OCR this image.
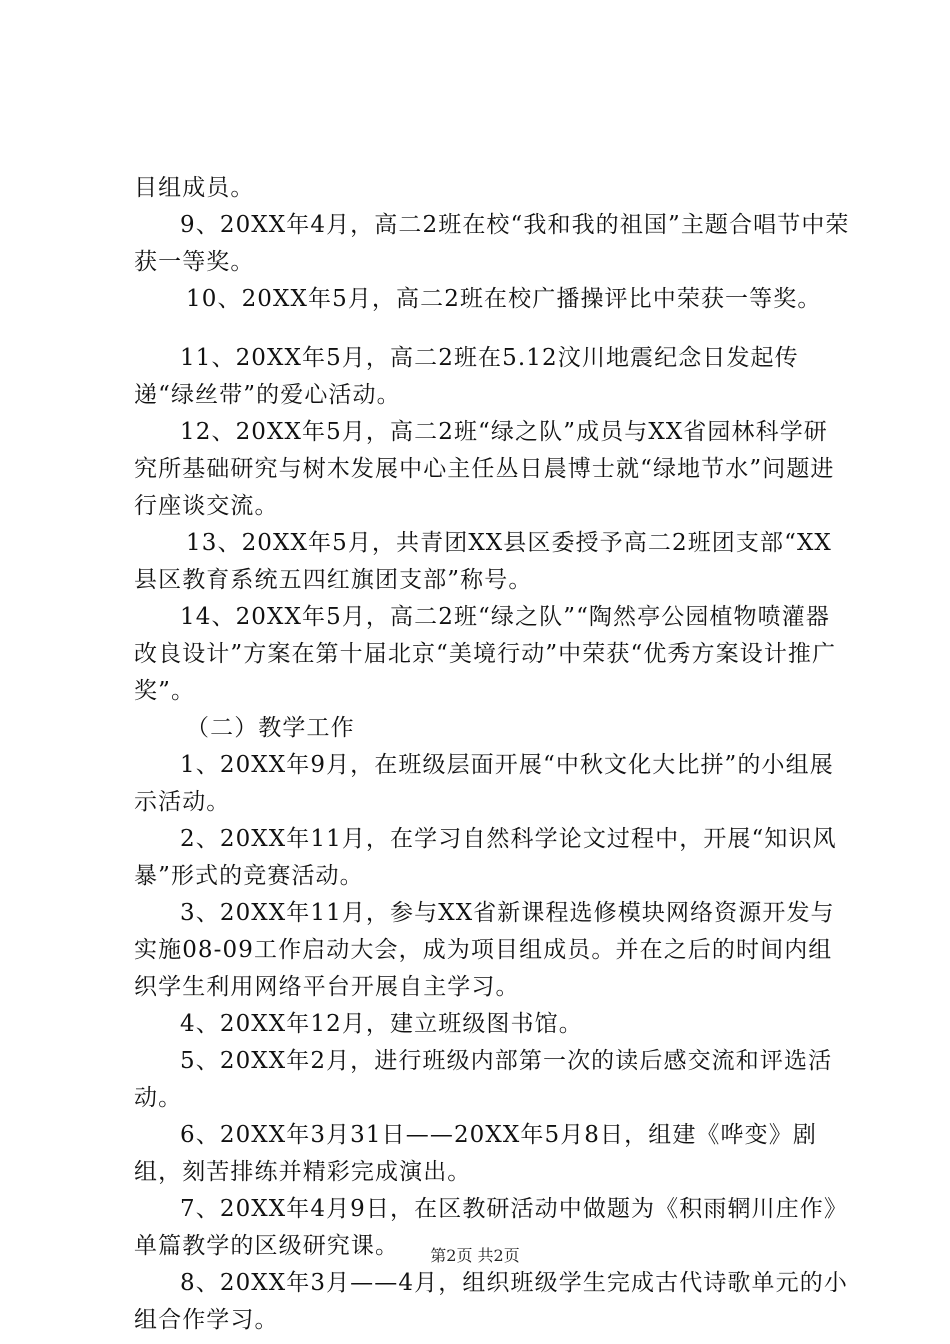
目组成员。

9、20XX年4月，高二2班在校“我和我的祖国”主题合唱节中荣获一等奖。

10、20XX年5月，高二2班在校广播操评比中荣获一等奖。

11、20XX年5月，高二2班在5.12汶川地震纪念日发起传递“绿丝带”的爱心活动。

12、20XX年5月，高二2班“绿之队”成员与XX省园林科学研究所基础研究与树木发展中心主任丛日晨博士就“绿地节水”问题进行座谈交流。

13、20XX年5月，共青团XX县区委授予高二2班团支部“XX县区教育系统五四红旗团支部”称号。

14、20XX年5月，高二2班“绿之队”“陶然亭公园植物喷灌器改良设计”方案在第十届北京“美境行动”中荣获“优秀方案设计推广奖”。

（二）教学工作

1、20XX年9月，在班级层面开展“中秋文化大比拼”的小组展示活动。

2、20XX年11月，在学习自然科学论文过程中，开展“知识风暴”形式的竞赛活动。

3、20XX年11月，参与XX省新课程选修模块网络资源开发与实施08-09工作启动大会，成为项目组成员。并在之后的时间内组织学生利用网络平台开展自主学习。

4、20XX年12月，建立班级图书馆。

5、20XX年2月，进行班级内部第一次的读后感交流和评选活动。

6、20XX年3月31日——20XX年5月8日，组建《哗变》剧组，刻苦排练并精彩完成演出。

7、20XX年4月9日，在区教研活动中做题为《积雨辋川庄作》单篇教学的区级研究课。

8、20XX年3月——4月，组织班级学生完成古代诗歌单元的小组合作学习。

第2页 共2页
